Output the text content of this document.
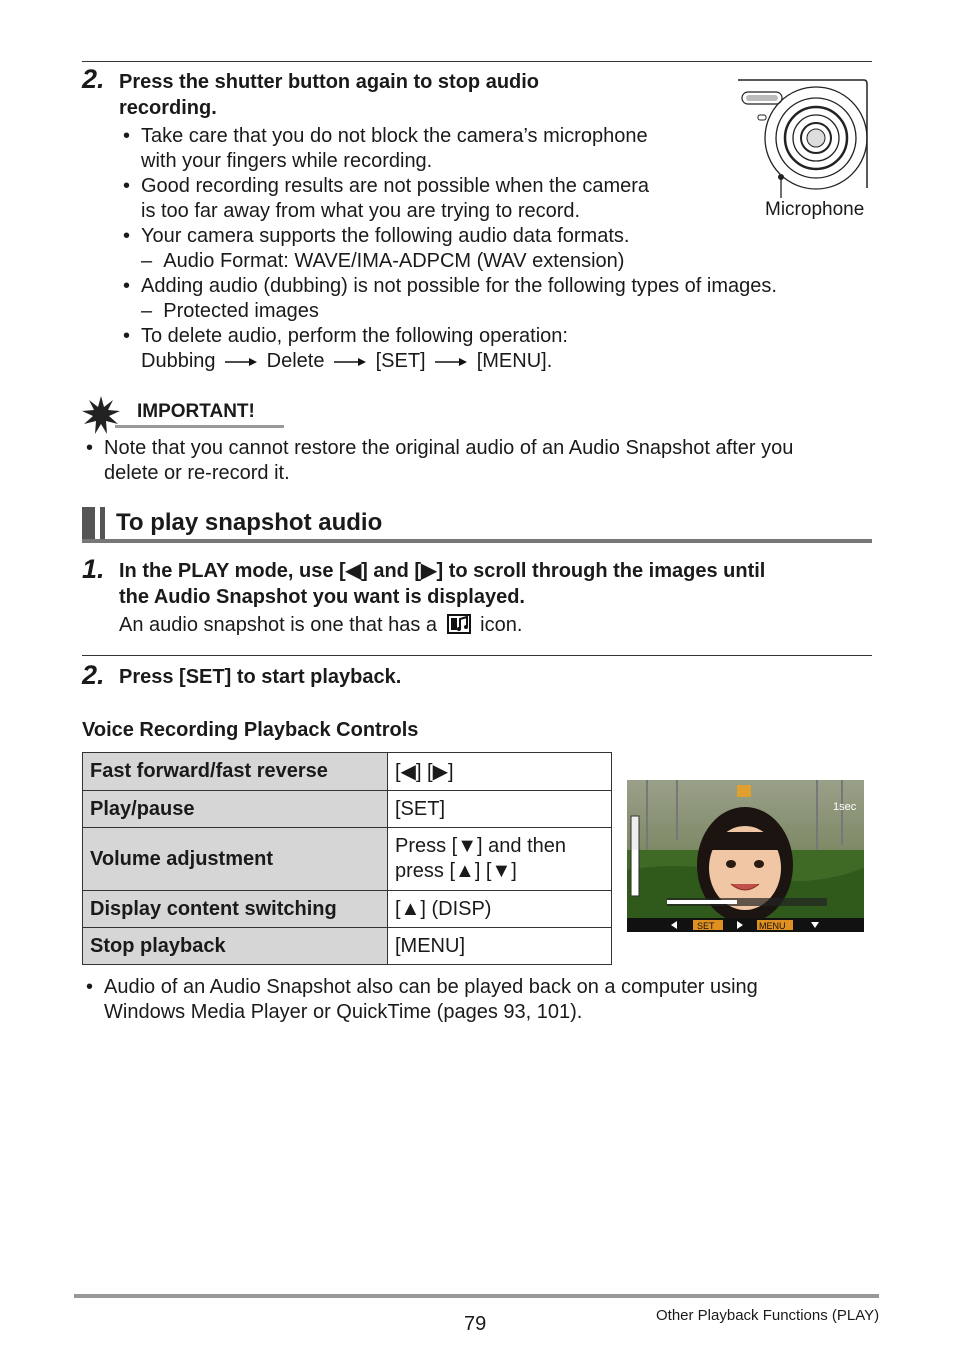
2. Press the shutter button again to stop audio
recording.
• Take care that you do not block the camera’s microphone
with your fingers while recording.
• Good recording results are not possible when the camera
is too far away from what you are trying to record.
• Your camera supports the following audio data formats.
– Audio Format: WAVE/IMA-ADPCM (WAV extension)
• Adding audio (dubbing) is not possible for the following types of images.
– Protected images
• To delete audio, perform the following operation:
Dubbing	Delete	[SET]	[MENU].
Microphone
IMPORTANT!
• Note that you cannot restore the original audio of an Audio Snapshot after you
delete or re-record it.
To play snapshot audio
1. In the PLAY mode, use [◀] and [▶] to scroll through the images until
the Audio Snapshot you want is displayed.
An audio snapshot is one that has a icon.
2. Press [SET] to start playback.
Voice Recording Playback Controls
Fast forward/fast reverse	[◀] [▶]
Play/pause	[SET]
Volume adjustment	Press [▼] and then
press [▲] [▼]

Display content switching	[▲] (DISP)
Stop playback	[MENU]
1sec
SET	MENU
• Audio of an Audio Snapshot also can be played back on a computer using
Windows Media Player or QuickTime (pages 93, 101).
79	Other Playback Functions (PLAY)
